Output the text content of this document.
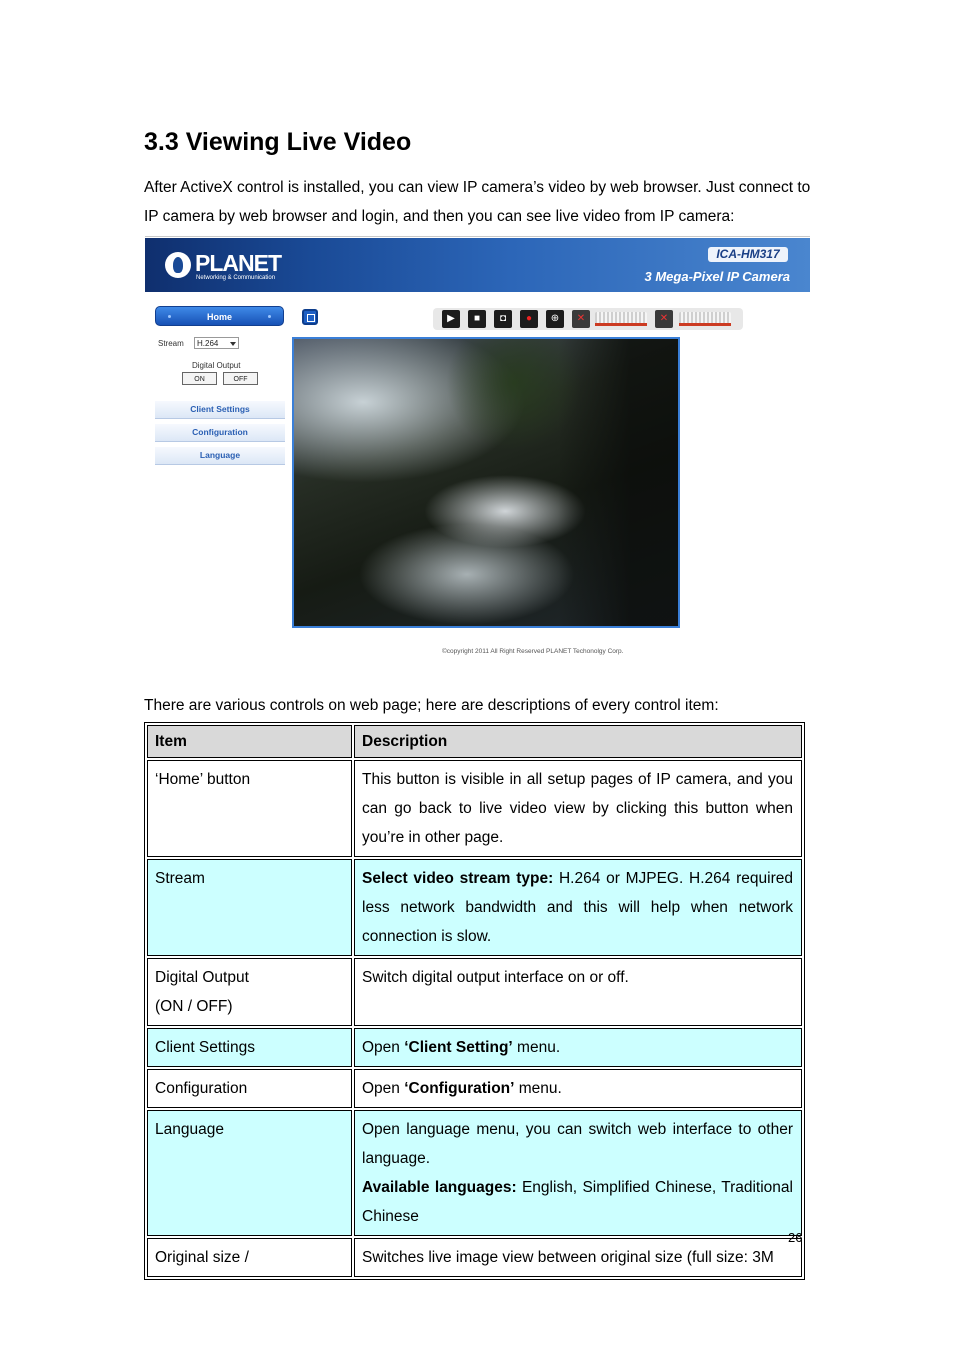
3.3 Viewing Live Video

After ActiveX control is installed, you can view IP camera’s video by web browser. Just connect to IP camera by web browser and login, and then you can see live video from IP camera:

PLANET
Networking & Communication
ICA-HM317
3 Mega-Pixel IP Camera
Home
Stream	H.264
Digital Output
ON	OFF
Client Settings
Configuration
Language
▶	■	◘	●	⊕	✕	✕
©copyright 2011 All Right Reserved PLANET Techonolgy Corp.

There are various controls on web page; here are descriptions of every control item:

Item	Description
‘Home’ button	This button is visible in all setup pages of IP camera, and you can go back to live video view by clicking this button when you’re in other page.
Stream	Select video stream type: H.264 or MJPEG. H.264 required less network bandwidth and this will help when network connection is slow.

Digital Output
(ON / OFF)	Switch digital output interface on or off.
Client Settings	Open ‘Client Setting’ menu.
Configuration	Open ‘Configuration’ menu.
Language	Open language menu, you can switch web interface to other language.
Available languages: English, Simplified Chinese, Traditional Chinese

Original size /	Switches live image view between original size (full size: 3M
26
